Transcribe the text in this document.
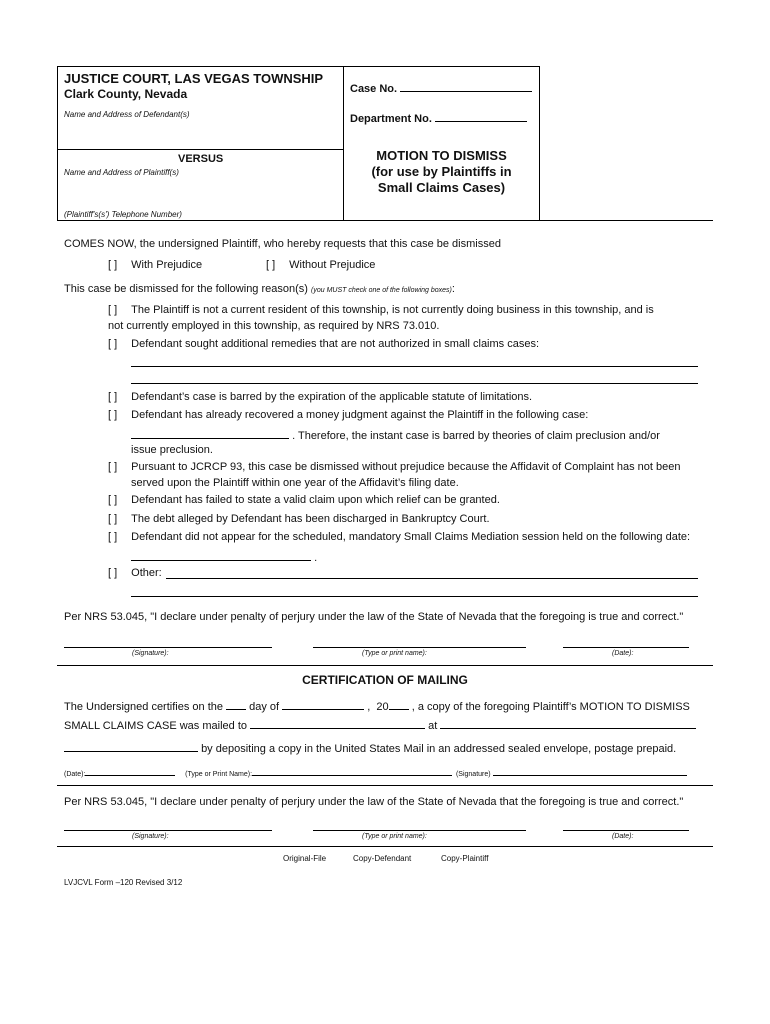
JUSTICE COURT, LAS VEGAS TOWNSHIP
Clark County, Nevada
Name and Address of Defendant(s)
VERSUS
Name and Address of Plaintiff(s)
(Plaintiff's(s') Telephone Number)
Case No.
Department No.
MOTION TO DISMISS
(for use by Plaintiffs in
Small Claims Cases)
COMES NOW, the undersigned Plaintiff, who hereby requests that this case be dismissed
[ ] With Prejudice	[ ] Without Prejudice
This case be dismissed for the following reason(s) (you MUST check one of the following boxes):
[ ] The Plaintiff is not a current resident of this township, is not currently doing business in this township, and is
not currently employed in this township, as required by NRS 73.010.
[ ] Defendant sought additional remedies that are not authorized in small claims cases:
[ ] Defendant’s case is barred by the expiration of the applicable statute of limitations.
[ ] Defendant has already recovered a money judgment against the Plaintiff in the following case:
. Therefore, the instant case is barred by theories of claim preclusion and/or
issue preclusion.
[ ] Pursuant to JCRCP 93, this case be dismissed without prejudice because the Affidavit of Complaint has not been
served upon the Plaintiff within one year of the Affidavit’s filing date.
[ ] Defendant has failed to state a valid claim upon which relief can be granted.
[ ] The debt alleged by Defendant has been discharged in Bankruptcy Court.
[ ] Defendant did not appear for the scheduled, mandatory Small Claims Mediation session held on the following date:
.
[ ] Other:
Per NRS 53.045, "I declare under penalty of perjury under the law of the State of Nevada that the foregoing is true and correct."
(Signature):	(Type or print name):	(Date):
CERTIFICATION OF MAILING
The Undersigned certifies on the day of	, 20 , a copy of the foregoing Plaintiff’s MOTION TO DISMISS
SMALL CLAIMS CASE was mailed to	at
by depositing a copy in the United States Mail in an addressed sealed envelope, postage prepaid.
(Date):	(Type or Print Name):	(Signature)
Per NRS 53.045, "I declare under penalty of perjury under the law of the State of Nevada that the foregoing is true and correct."
(Signature):	(Type or print name):	(Date):
Original-File	Copy-Defendant	Copy-Plaintiff
LVJCVL Form –120 Revised 3/12
